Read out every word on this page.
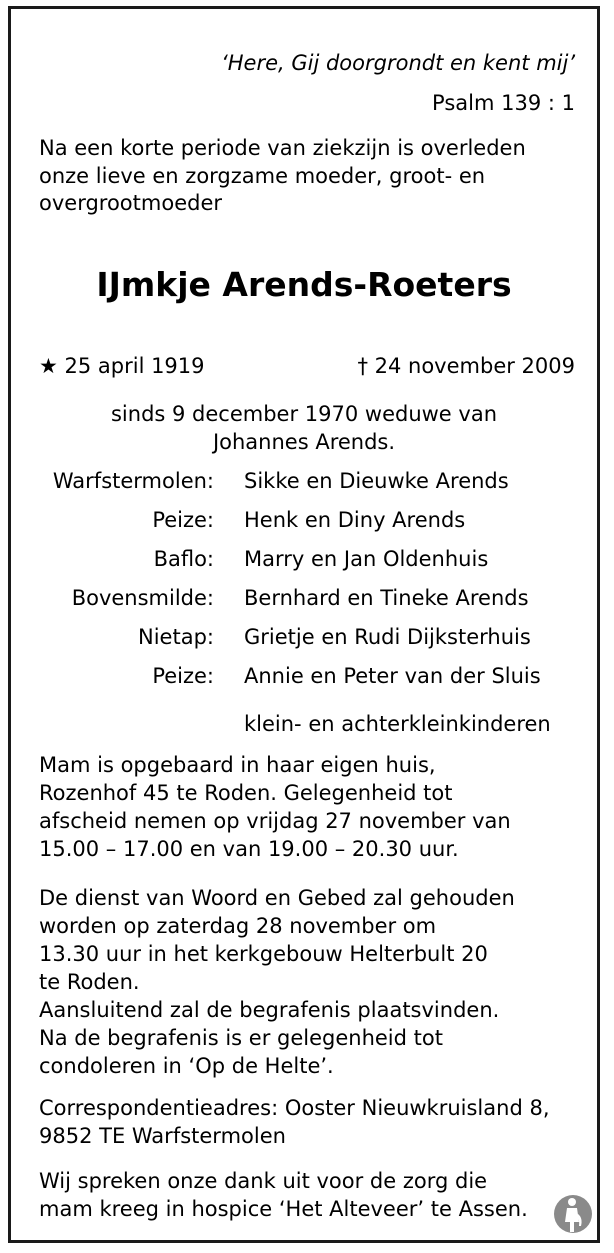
‘Here, Gij doorgrondt en kent mij’
Psalm 139 : 1
Na een korte periode van ziekzijn is overleden onze lieve en zorgzame moeder, groot- en overgrootmoeder
IJmkje Arends-Roeters
★ 25 april 1919	† 24 november 2009
sinds 9 december 1970 weduwe van
Johannes Arends.
Warfstermolen: Sikke en Dieuwke Arends
Peize: Henk en Diny Arends
Baflo: Marry en Jan Oldenhuis
Bovensmilde: Bernhard en Tineke Arends
Nietap: Grietje en Rudi Dijksterhuis
Peize: Annie en Peter van der Sluis
klein- en achterkleinkinderen
Mam is opgebaard in haar eigen huis,
Rozenhof 45 te Roden. Gelegenheid tot
afscheid nemen op vrijdag 27 november van
15.00 – 17.00 en van 19.00 – 20.30 uur.
De dienst van Woord en Gebed zal gehouden
worden op zaterdag 28 november om
13.30 uur in het kerkgebouw Helterbult 20
te Roden.
Aansluitend zal de begrafenis plaatsvinden.
Na de begrafenis is er gelegenheid tot
condoleren in ‘Op de Helte’.
Correspondentieadres: Ooster Nieuwkruisland 8,
9852 TE Warfstermolen
Wij spreken onze dank uit voor de zorg die
mam kreeg in hospice ‘Het Alteveer’ te Assen.
